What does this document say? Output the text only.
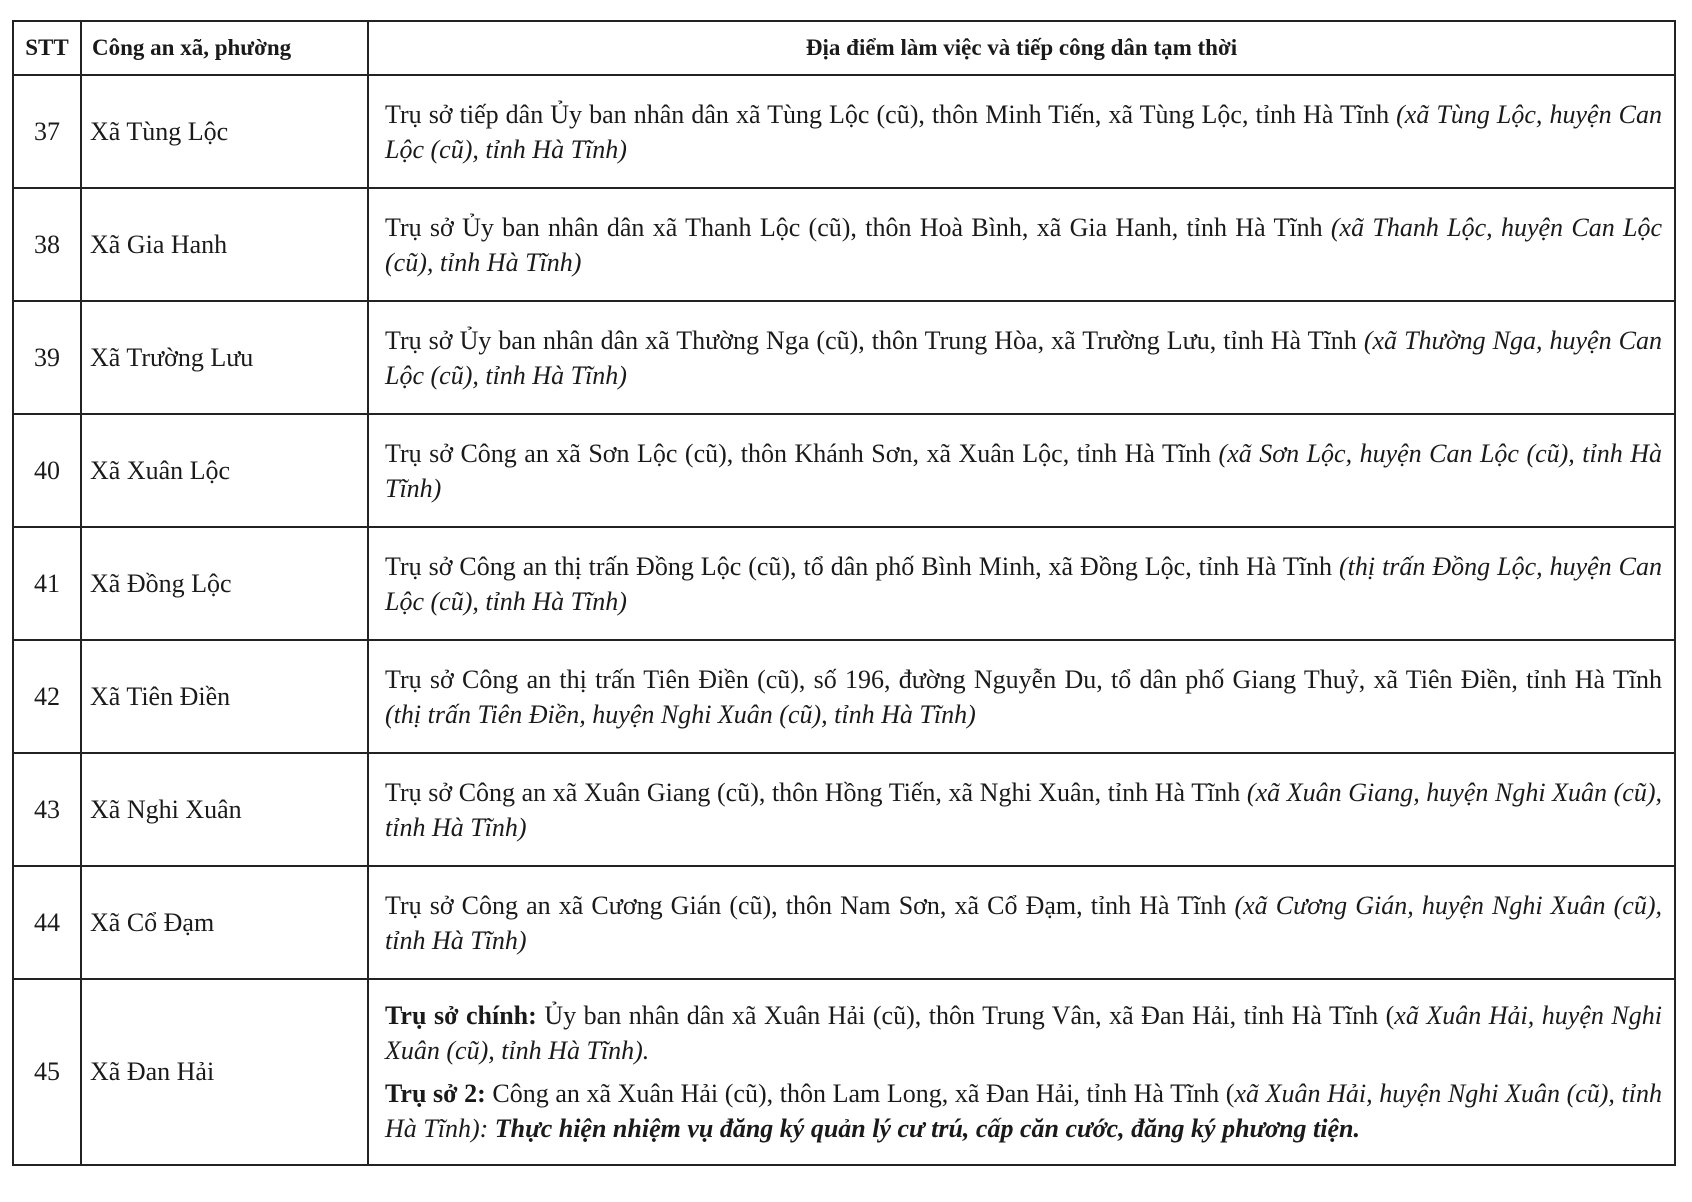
STT	Công an xã, phường	Địa điểm làm việc và tiếp công dân tạm thời
37	Xã Tùng Lộc	Trụ sở tiếp dân Ủy ban nhân dân xã Tùng Lộc (cũ), thôn Minh Tiến, xã Tùng Lộc, tỉnh Hà Tĩnh (xã Tùng Lộc, huyện Can Lộc (cũ), tỉnh Hà Tĩnh)
38	Xã Gia Hanh	Trụ sở Ủy ban nhân dân xã Thanh Lộc (cũ), thôn Hoà Bình, xã Gia Hanh, tỉnh Hà Tĩnh (xã Thanh Lộc, huyện Can Lộc (cũ), tỉnh Hà Tĩnh)
39	Xã Trường Lưu	Trụ sở Ủy ban nhân dân xã Thường Nga (cũ), thôn Trung Hòa, xã Trường Lưu, tỉnh Hà Tĩnh (xã Thường Nga, huyện Can Lộc (cũ), tỉnh Hà Tĩnh)
40	Xã Xuân Lộc	Trụ sở Công an xã Sơn Lộc (cũ), thôn Khánh Sơn, xã Xuân Lộc, tỉnh Hà Tĩnh (xã Sơn Lộc, huyện Can Lộc (cũ), tỉnh Hà Tĩnh)
41	Xã Đồng Lộc	Trụ sở Công an thị trấn Đồng Lộc (cũ), tổ dân phố Bình Minh, xã Đồng Lộc, tỉnh Hà Tĩnh (thị trấn Đồng Lộc, huyện Can Lộc (cũ), tỉnh Hà Tĩnh)
42	Xã Tiên Điền	Trụ sở Công an thị trấn Tiên Điền (cũ), số 196, đường Nguyễn Du, tổ dân phố Giang Thuỷ, xã Tiên Điền, tỉnh Hà Tĩnh (thị trấn Tiên Điền, huyện Nghi Xuân (cũ), tỉnh Hà Tĩnh)
43	Xã Nghi Xuân	Trụ sở Công an xã Xuân Giang (cũ), thôn Hồng Tiến, xã Nghi Xuân, tỉnh Hà Tĩnh (xã Xuân Giang, huyện Nghi Xuân (cũ), tỉnh Hà Tĩnh)
44	Xã Cổ Đạm	Trụ sở Công an xã Cương Gián (cũ), thôn Nam Sơn, xã Cổ Đạm, tỉnh Hà Tĩnh (xã Cương Gián, huyện Nghi Xuân (cũ), tỉnh Hà Tĩnh)
45	Xã Đan Hải	Trụ sở chính: Ủy ban nhân dân xã Xuân Hải (cũ), thôn Trung Vân, xã Đan Hải, tỉnh Hà Tĩnh (xã Xuân Hải, huyện Nghi Xuân (cũ), tỉnh Hà Tĩnh).

Trụ sở 2: Công an xã Xuân Hải (cũ), thôn Lam Long, xã Đan Hải, tỉnh Hà Tĩnh (xã Xuân Hải, huyện Nghi Xuân (cũ), tỉnh Hà Tĩnh): Thực hiện nhiệm vụ đăng ký quản lý cư trú, cấp căn cước, đăng ký phương tiện.
